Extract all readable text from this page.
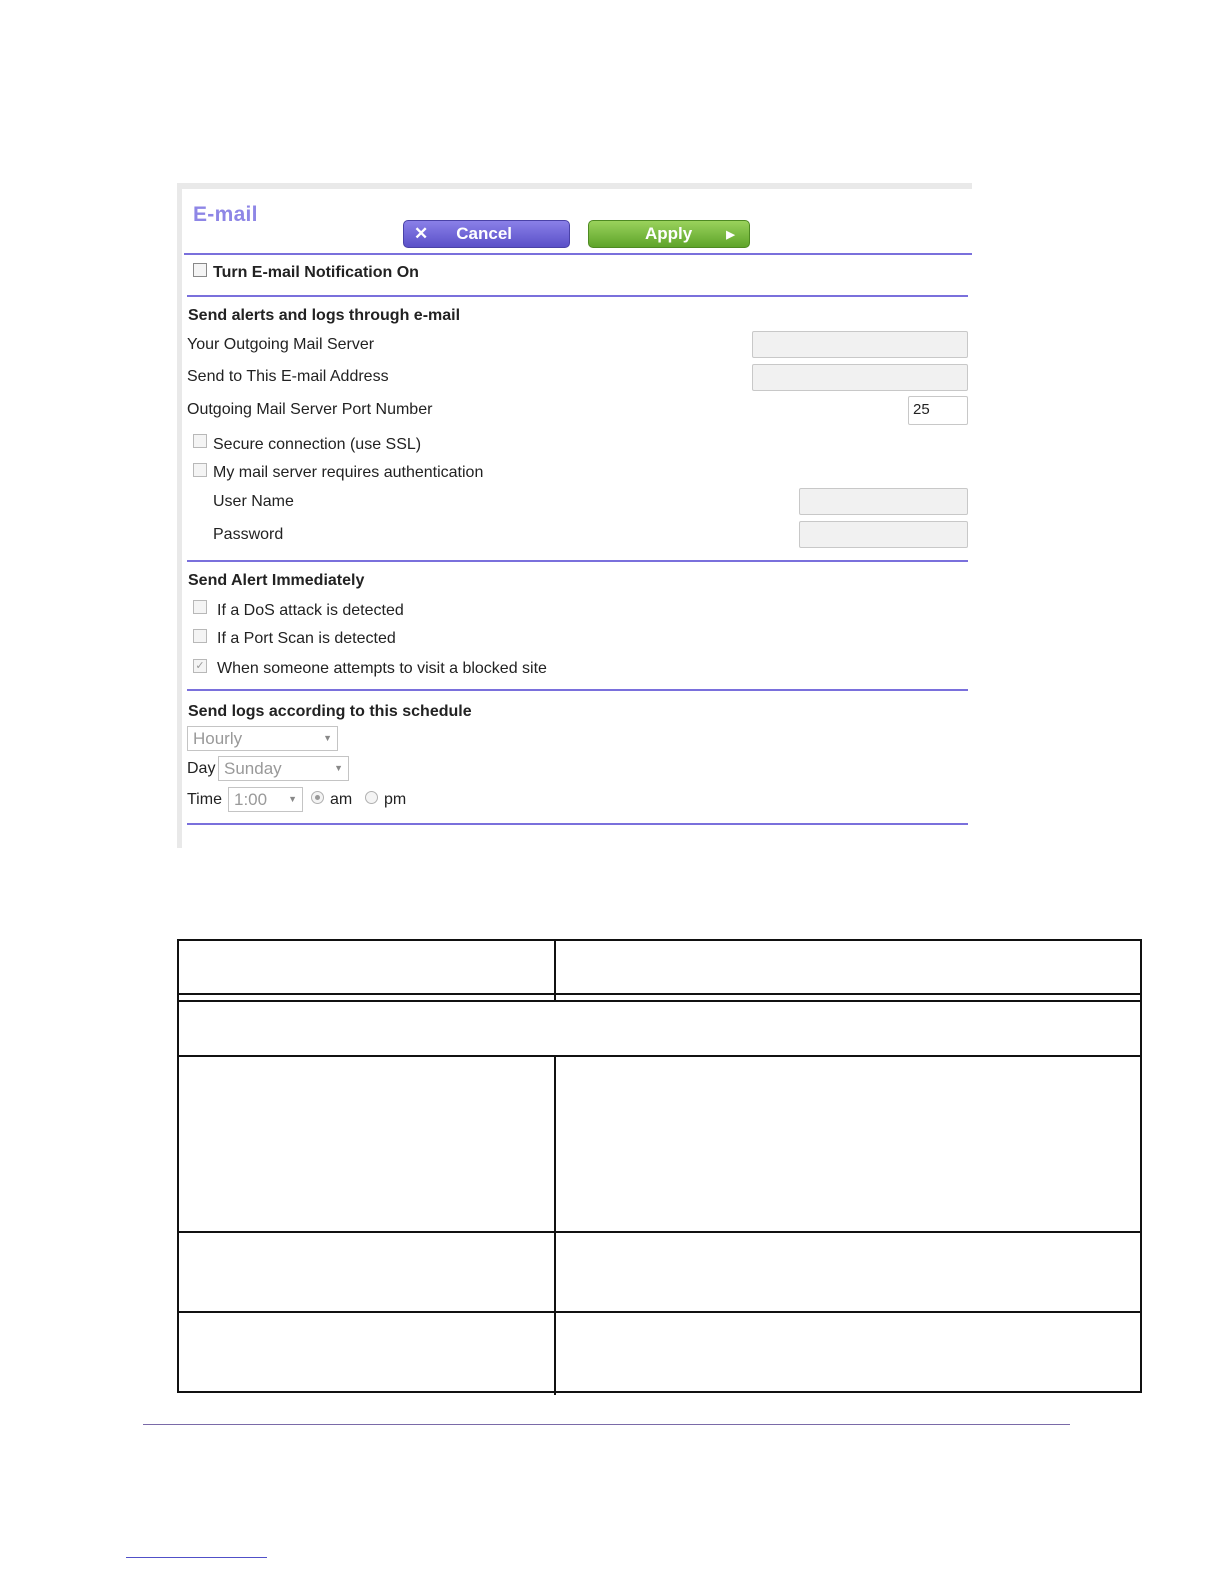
E-mail
✕ Cancel	Apply	▶
Turn E-mail Notification On
Send alerts and logs through e-mail
Your Outgoing Mail Server
Send to This E-mail Address
Outgoing Mail Server Port Number	25
Secure connection (use SSL)
My mail server requires authentication
User Name
Password
Send Alert Immediately
If a DoS attack is detected
If a Port Scan is detected
✓ When someone attempts to visit a blocked site
Send logs according to this schedule
Hourly	▼
Day Sunday	▼
Time 1:00 ▼ am pm
